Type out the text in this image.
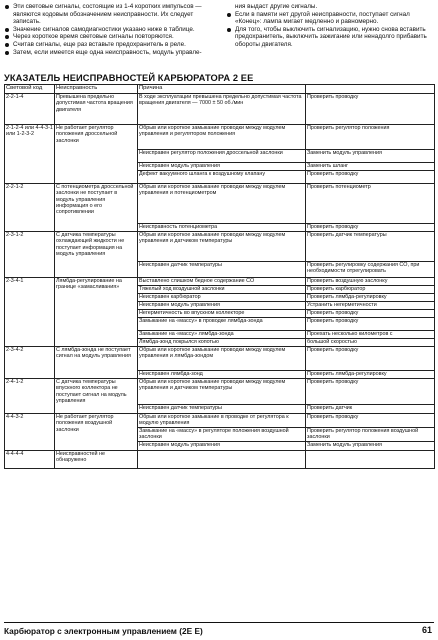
Эти световые сигналы, состоящие из 1-4 коротких импульсов — являются кодовым обозначением неисправности. Их следует записать.

Значение сигналов самодиагностики указано ниже в таблице.

Через короткое время световые сигналы повторяются.

Считав сигналы, еще раз вставьте предохранитель в реле.

Затем, если имеется еще одна неисправность, модуль управле-

ния выдаст другие сигналы.

Если в памяти нет другой неисправности, поступает сигнал «Конец»: лампа мигает медленно и равномерно.

Для того, чтобы выключить сигнализацию, нужно снова вставить предохранитель, выключить зажигание или ненадолго прибавить обороты двигателя.

УКАЗАТЕЛЬ НЕИСПРАВНОСТЕЙ КАРБЮРАТОРА 2 EE
Световой код	Неисправность	Причина	
2-2-1-4	Превышена предельно допустимая частота вращения двигателя	В ходе эксплуатации превышена предельно допустимая частота вращения двигателя — 7000 ± 50 об./мин	Проверить проводку
2-1-2-4 или 4-4-3-1 или 1-2-3-2	Не работает регулятор положения дроссельной заслонки	Обрыв или короткое замыкание проводки между модулем управления и регулятором положения	Проверить регулятор положения
		Неисправен регулятор положения дроссельной заслонки	Заменить модуль управления
		Неисправен модуль управления	Заменить шланг
		Дефект вакуумного шланга к воздушному клапану	Проверить проводку
2-2-1-2	С потенциометра дроссельной заслонки не поступает в модуль управления информация о его сопротивлении	Обрыв или короткое замыкание проводки между модулем управления и потенциометром	Проверить потенциометр
		Неисправность потенциометра	Проверить проводку
2-3-1-2	С датчика температуры охлаждающей жидкости не поступает информация на модуль управления	Обрыв или короткое замыкание проводки между модулем управления и датчиком температуры	Проверить датчик температуры
		Неисправен датчик температуры	Проверить регулировку содержания CO, при необходимости отрегулировать
2-3-4-1	Лямбда-регулирование на границе «замасливания»	Выставлено слишком бедное содержание CO	Проверить воздушную заслонку
		Тяжелый ход воздушной заслонки	Проверить карбюратор
		Неисправен карбюратор	Проверить лямбда-регулировку
		Неисправен модуль управления	Устранить негерметичности
		Негерметичность во впускном коллекторе	Проверить проводку
		Замыкание на «массу» в проводке лямбда-зонда	Проверить проводку
		Замыкание на «массу» лямбда-зонда	Проехать несколько километров с
		Лямбда-зонд покрылся копотью	большой скоростью
2-3-4-2	С лямбда-зонда не поступает сигнал на модуль управления	Обрыв или короткое замыкание проводки между модулем управления и лямбда-зондом	Проверить проводку
		Неисправен лямбда-зонд	Проверить лямбда-регулировку
2-4-1-2	С датчика температуры впускного коллектора не поступает сигнал на модуль управления	Обрыв или короткое замыкание проводки между модулем управления и датчиком температуры	Проверить проводку
		Неисправен датчик температуры	Проверить датчик
4-4-3-2	Не работает регулятор положения воздушной заслонки	Обрыв или короткое замыкание в проводке от регулятора к модулю управления	Проверить проводку
		Замыкание на «массу» в регуляторе положения воздушной заслонки	Проверить регулятор положения воздушной заслонки
		Неисправен модуль управления	Заменить модуль управления
4-4-4-4	Неисправностей не обнаружено		
Карбюратор с электронным управлением (2E E)	61
